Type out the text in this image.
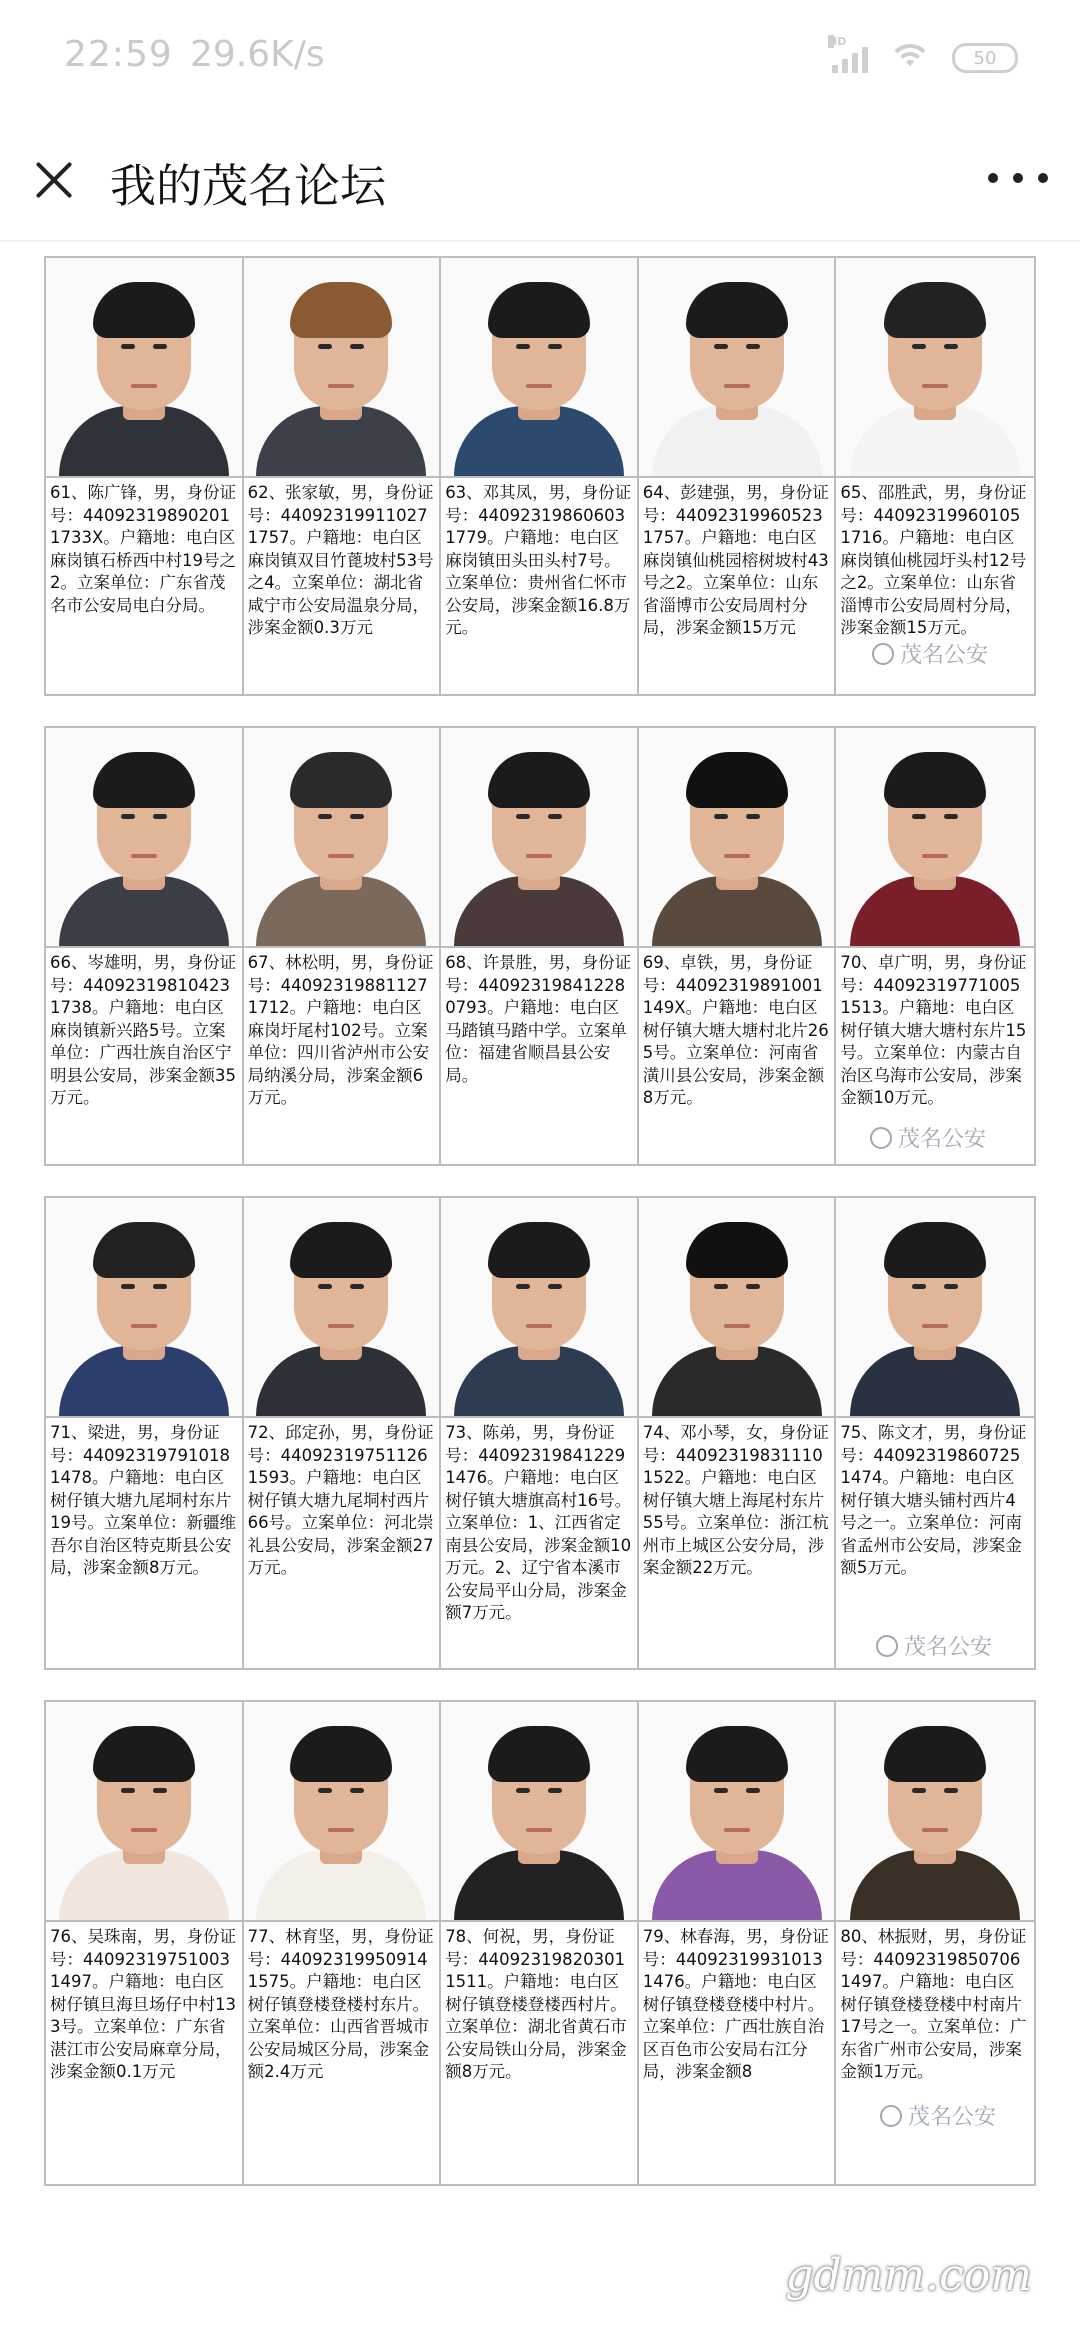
22:59 29.6K/s	HD
50
我的茂名论坛
61、陈广锋，男，身份证号：440923198902011733X。户籍地：电白区麻岗镇石桥西中村19号之2。立案单位：广东省茂名市公安局电白分局。
62、张家敏，男，身份证号：440923199110271757。户籍地：电白区麻岗镇双目竹蓖坡村53号之4。立案单位：湖北省咸宁市公安局温泉分局，涉案金额0.3万元
63、邓其凤，男，身份证号：440923198606031779。户籍地：电白区麻岗镇田头田头村7号。立案单位：贵州省仁怀市公安局，涉案金额16.8万元。
64、彭建强，男，身份证号：440923199605231757。户籍地：电白区麻岗镇仙桃园榕树坡村43号之2。立案单位：山东省淄博市公安局周村分局，涉案金额15万元
65、邵胜武，男，身份证号：440923199601051716。户籍地：电白区麻岗镇仙桃园圩头村12号之2。立案单位：山东省淄博市公安局周村分局，涉案金额15万元。
66、岑雄明，男，身份证号：440923198104231738。户籍地：电白区麻岗镇新兴路5号。立案单位：广西壮族自治区宁明县公安局，涉案金额35万元。
67、林松明，男，身份证号：440923198811271712。户籍地：电白区麻岗圩尾村102号。立案单位：四川省泸州市公安局纳溪分局，涉案金额6万元。
68、许景胜，男，身份证号：440923198412280793。户籍地：电白区马踏镇马踏中学。立案单位：福建省顺昌县公安局。
69、卓铁，男，身份证号：44092319891001149X。户籍地：电白区树仔镇大塘大塘村北片265号。立案单位：河南省潢川县公安局，涉案金额8万元。
70、卓广明，男，身份证号：440923197710051513。户籍地：电白区树仔镇大塘大塘村东片15号。立案单位：内蒙古自治区乌海市公安局，涉案金额10万元。
71、梁进，男，身份证号：440923197910181478。户籍地：电白区树仔镇大塘九尾垌村东片19号。立案单位：新疆维吾尔自治区特克斯县公安局，涉案金额8万元。
72、邱定孙，男，身份证号：440923197511261593。户籍地：电白区树仔镇大塘九尾垌村西片66号。立案单位：河北崇礼县公安局，涉案金额27万元。
73、陈弟，男，身份证号：440923198412291476。户籍地：电白区树仔镇大塘旗高村16号。立案单位：1、江西省定南县公安局，涉案金额10万元。2、辽宁省本溪市公安局平山分局，涉案金额7万元。
74、邓小琴，女，身份证号：440923198311101522。户籍地：电白区树仔镇大塘上海尾村东片55号。立案单位：浙江杭州市上城区公安分局，涉案金额22万元。
75、陈文才，男，身份证号：440923198607251474。户籍地：电白区树仔镇大塘头铺村西片4号之一。立案单位：河南省孟州市公安局，涉案金额5万元。
76、吴珠南，男，身份证号：440923197510031497。户籍地：电白区树仔镇旦海旦场仔中村133号。立案单位：广东省湛江市公安局麻章分局，涉案金额0.1万元
77、林育坚，男，身份证号：440923199509141575。户籍地：电白区树仔镇登楼登楼村东片。立案单位：山西省晋城市公安局城区分局，涉案金额2.4万元
78、何祝，男，身份证号：440923198203011511。户籍地：电白区树仔镇登楼登楼西村片。立案单位：湖北省黄石市公安局铁山分局，涉案金额8万元。
79、林春海，男，身份证号：440923199310131476。户籍地：电白区树仔镇登楼登楼中村片。立案单位：广西壮族自治区百色市公安局右江分局，涉案金额8
80、林振财，男，身份证号：440923198507061497。户籍地：电白区树仔镇登楼登楼中村南片17号之一。立案单位：广东省广州市公安局，涉案金额1万元。
茂名公安
茂名公安
茂名公安
茂名公安
gdmm.com
